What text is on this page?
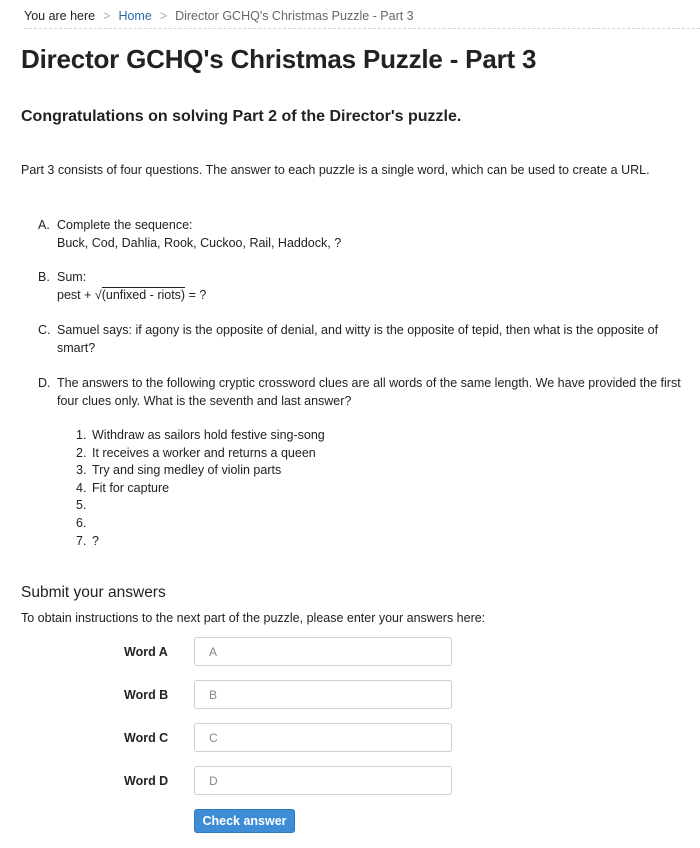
You are here > Home > Director GCHQ's Christmas Puzzle - Part 3
Director GCHQ's Christmas Puzzle - Part 3
Congratulations on solving Part 2 of the Director's puzzle.

Part 3 consists of four questions. The answer to each puzzle is a single word, which can be used to create a URL.

A. Complete the sequence:
Buck, Cod, Dahlia, Rook, Cuckoo, Rail, Haddock, ?
B. Sum:
pest + √(unfixed - riots) = ?
C. Samuel says: if agony is the opposite of denial, and witty is the opposite of tepid, then what is the opposite of
smart?
D. The answers to the following cryptic crossword clues are all words of the same length. We have provided the first
four clues only. What is the seventh and last answer?
1. Withdraw as sailors hold festive sing-song
2. It receives a worker and returns a queen
3. Try and sing medley of violin parts
4. Fit for capture
5.
6.
7. ?
Submit your answers
To obtain instructions to the next part of the puzzle, please enter your answers here:
Word A
A
Word B
B
Word C
C
Word D
D
Check answer
